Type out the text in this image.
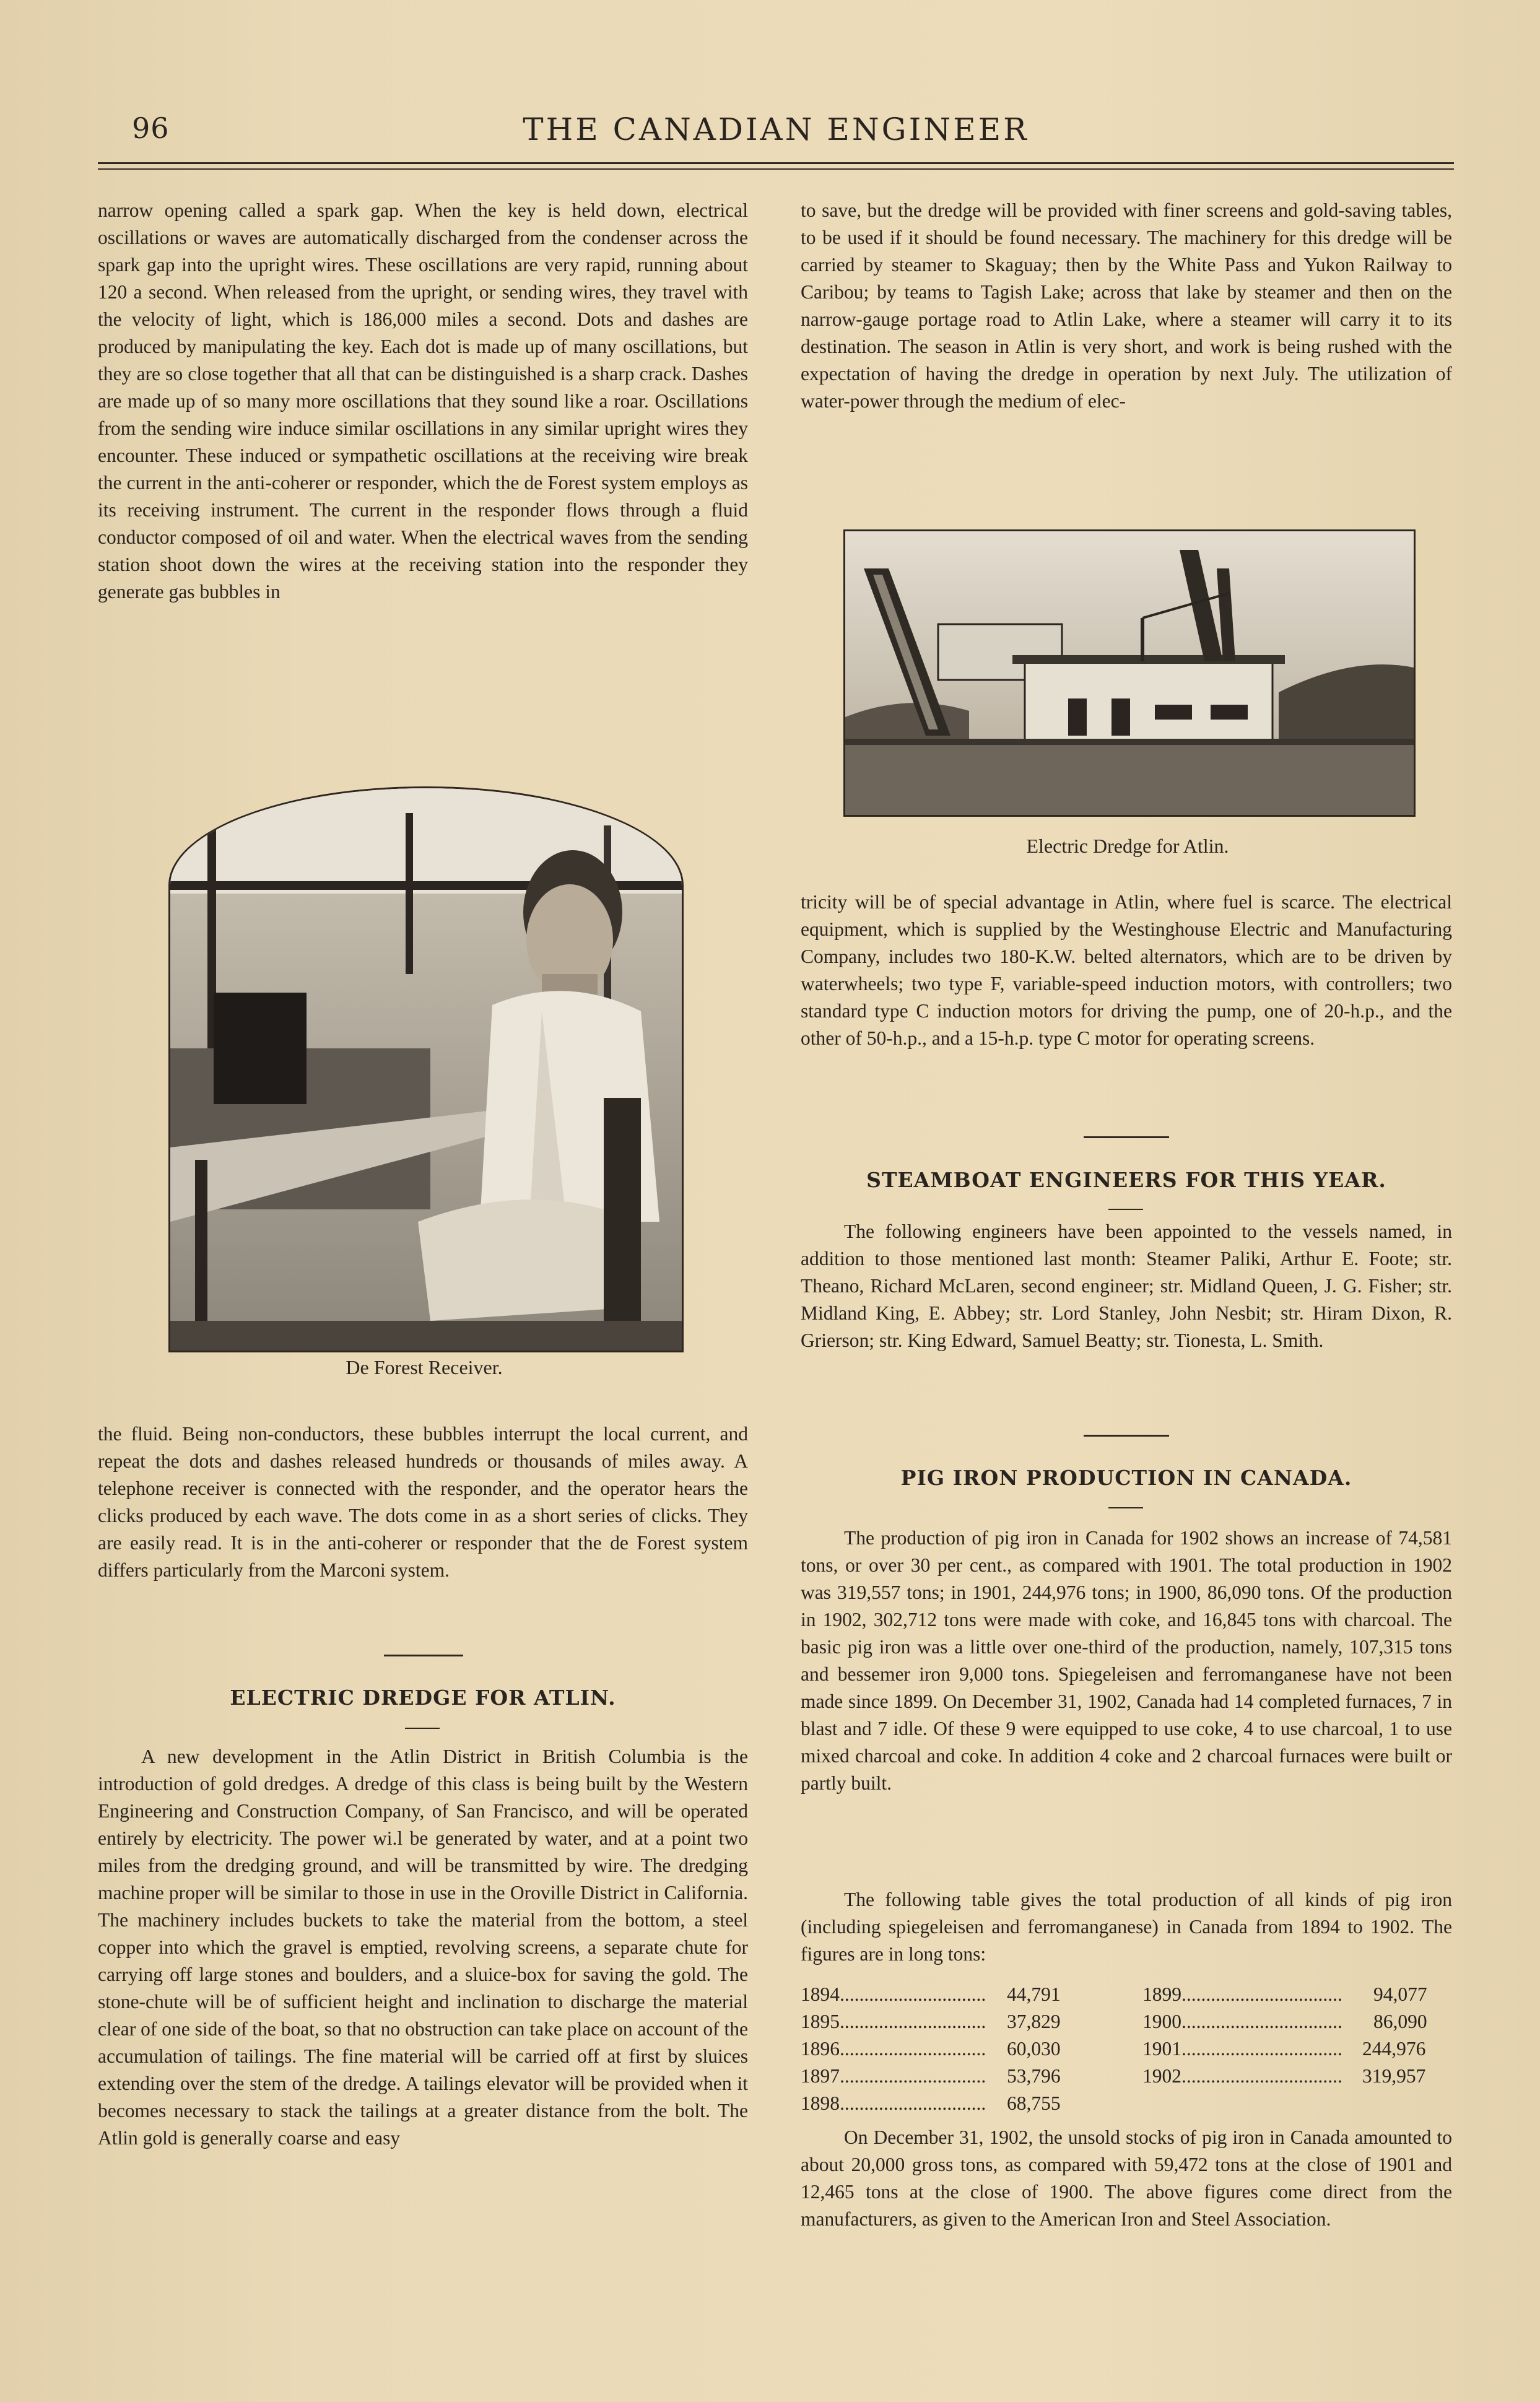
96	THE CANADIAN ENGINEER

narrow opening called a spark gap. When the key is held down, electrical oscillations or waves are automatically discharged from the condenser across the spark gap into the upright wires. These oscillations are very rapid, running about 120 a second. When released from the upright, or sending wires, they travel with the velocity of light, which is 186,000 miles a second. Dots and dashes are produced by manipulating the key. Each dot is made up of many oscillations, but they are so close together that all that can be distinguished is a sharp crack. Dashes are made up of so many more oscillations that they sound like a roar. Oscillations from the sending wire induce similar oscillations in any similar upright wires they encounter. These induced or sympathetic oscillations at the receiving wire break the current in the anti-coherer or responder, which the de Forest system employs as its receiving instrument. The current in the responder flows through a fluid conductor composed of oil and water. When the electrical waves from the sending station shoot down the wires at the receiving station into the responder they generate gas bubbles in

De Forest Receiver.

the fluid. Being non-conductors, these bubbles interrupt the local current, and repeat the dots and dashes released hundreds or thousands of miles away. A telephone receiver is connected with the responder, and the operator hears the clicks produced by each wave. The dots come in as a short series of clicks. They are easily read. It is in the anti-coherer or responder that the de Forest system differs particularly from the Marconi system.

ELECTRIC DREDGE FOR ATLIN.

A new development in the Atlin District in British Columbia is the introduction of gold dredges. A dredge of this class is being built by the Western Engineering and Construction Company, of San Francisco, and will be operated entirely by electricity. The power wi.l be generated by water, and at a point two miles from the dredging ground, and will be transmitted by wire. The dredging machine proper will be similar to those in use in the Oroville District in California. The machinery includes buckets to take the material from the bottom, a steel copper into which the gravel is emptied, revolving screens, a separate chute for carrying off large stones and boulders, and a sluice-box for saving the gold. The stone-chute will be of sufficient height and inclination to discharge the material clear of one side of the boat, so that no obstruction can take place on account of the accumulation of tailings. The fine material will be carried off at first by sluices extending over the stem of the dredge. A tailings elevator will be provided when it becomes necessary to stack the tailings at a greater distance from the bolt. The Atlin gold is generally coarse and easy

to save, but the dredge will be provided with finer screens and gold-saving tables, to be used if it should be found necessary. The machinery for this dredge will be carried by steamer to Skaguay; then by the White Pass and Yukon Railway to Caribou; by teams to Tagish Lake; across that lake by steamer and then on the narrow-gauge portage road to Atlin Lake, where a steamer will carry it to its destination. The season in Atlin is very short, and work is being rushed with the expectation of having the dredge in operation by next July. The utilization of water-power through the medium of elec-

Electric Dredge for Atlin.

tricity will be of special advantage in Atlin, where fuel is scarce. The electrical equipment, which is supplied by the Westinghouse Electric and Manufacturing Company, includes two 180-K.W. belted alternators, which are to be driven by waterwheels; two type F, variable-speed induction motors, with controllers; two standard type C induction motors for driving the pump, one of 20-h.p., and the other of 50-h.p., and a 15-h.p. type C motor for operating screens.

STEAMBOAT ENGINEERS FOR THIS YEAR.

The following engineers have been appointed to the vessels named, in addition to those mentioned last month: Steamer Paliki, Arthur E. Foote; str. Theano, Richard McLaren, second engineer; str. Midland Queen, J. G. Fisher; str. Midland King, E. Abbey; str. Lord Stanley, John Nesbit; str. Hiram Dixon, R. Grierson; str. King Edward, Samuel Beatty; str. Tionesta, L. Smith.

PIG IRON PRODUCTION IN CANADA.

The production of pig iron in Canada for 1902 shows an increase of 74,581 tons, or over 30 per cent., as compared with 1901. The total production in 1902 was 319,557 tons; in 1901, 244,976 tons; in 1900, 86,090 tons. Of the production in 1902, 302,712 tons were made with coke, and 16,845 tons with charcoal. The basic pig iron was a little over one-third of the production, namely, 107,315 tons and bessemer iron 9,000 tons. Spiegeleisen and ferromanganese have not been made since 1899. On December 31, 1902, Canada had 14 completed furnaces, 7 in blast and 7 idle. Of these 9 were equipped to use coke, 4 to use charcoal, 1 to use mixed charcoal and coke. In addition 4 coke and 2 charcoal furnaces were built or partly built.

The following table gives the total production of all kinds of pig iron (including spiegeleisen and ferromanganese) in Canada from 1894 to 1902. The figures are in long tons:

1894.............................. 44,791
1895.............................. 37,829
1896.............................. 60,030
1897.............................. 53,796
1898.............................. 68,755
1899................................. 94,077
1900................................. 86,090
1901................................. 244,976
1902................................. 319,957

On December 31, 1902, the unsold stocks of pig iron in Canada amounted to about 20,000 gross tons, as compared with 59,472 tons at the close of 1901 and 12,465 tons at the close of 1900. The above figures come direct from the manufacturers, as given to the American Iron and Steel Association.
